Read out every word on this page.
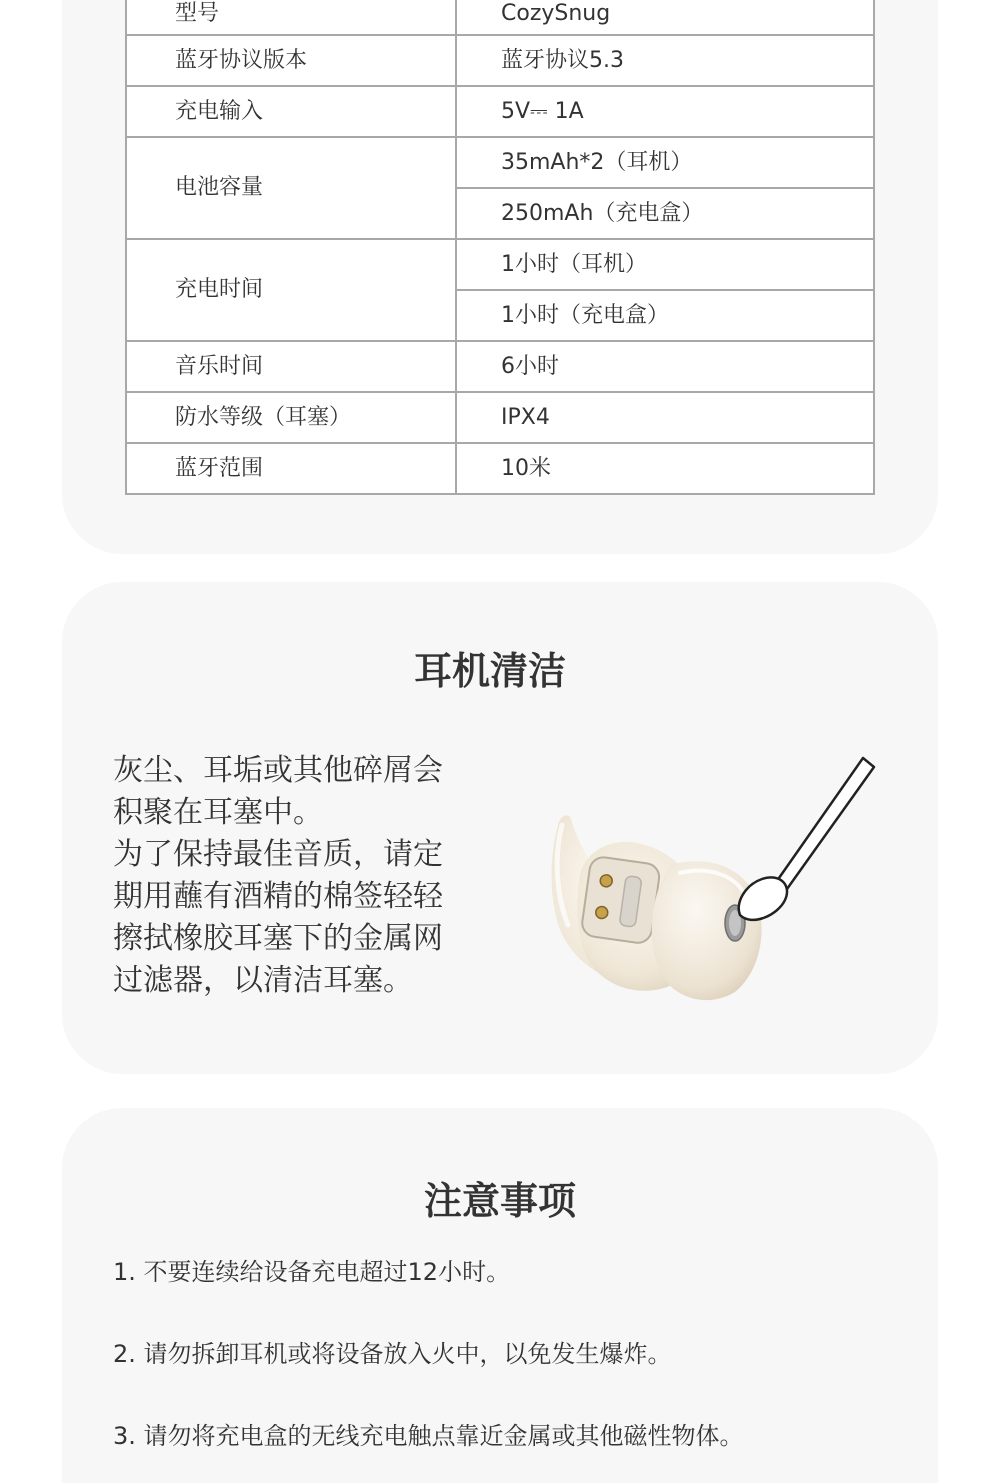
型号	CozySnug
蓝牙协议版本	蓝牙协议5.3
充电输入	5V⎓ 1A
电池容量	35mAh*2（耳机）
	250mAh（充电盒）
充电时间	1小时（耳机）
	1小时（充电盒）
音乐时间	6小时
防水等级（耳塞）	IPX4
蓝牙范围	10米
耳机清洁

灰尘、耳垢或其他碎屑会

积聚在耳塞中。

为了保持最佳音质，请定

期用蘸有酒精的棉签轻轻

擦拭橡胶耳塞下的金属网

过滤器，以清洁耳塞。

注意事项
1. 不要连续给设备充电超过12小时。
2. 请勿拆卸耳机或将设备放入火中，以免发生爆炸。
3. 请勿将充电盒的无线充电触点靠近金属或其他磁性物体。
